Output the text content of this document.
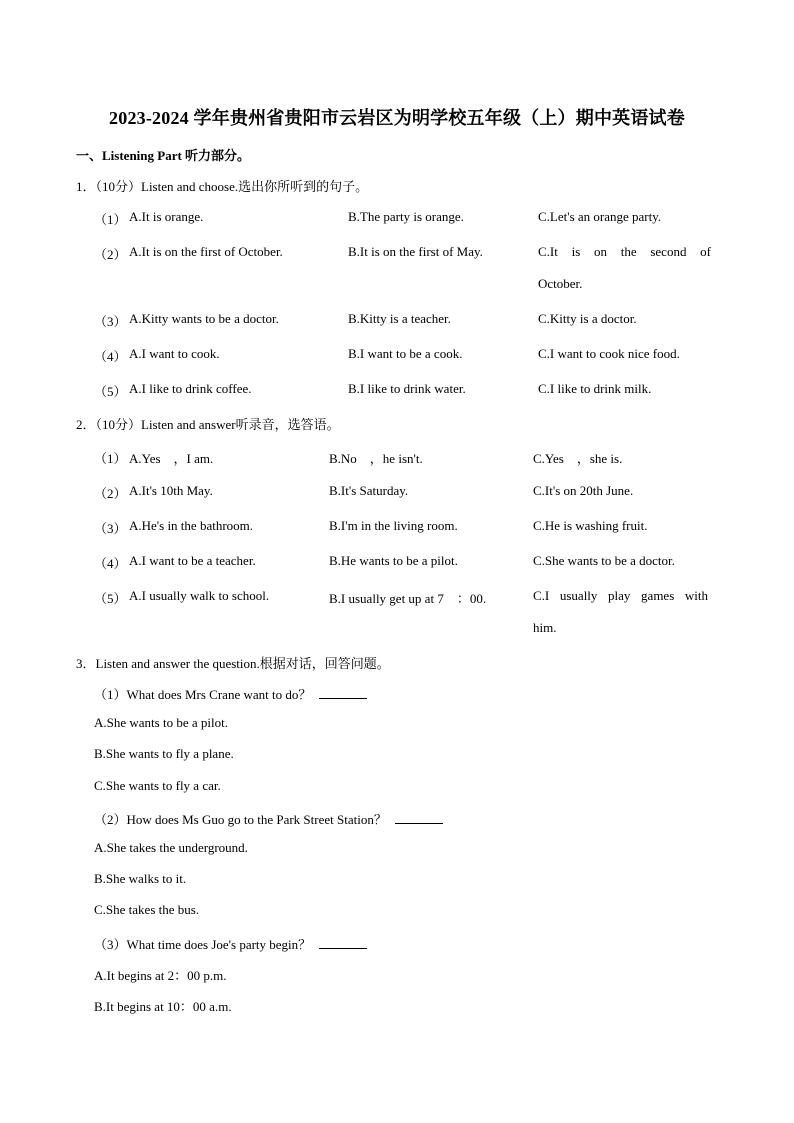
2023-2024 学年贵州省贵阳市云岩区为明学校五年级（上）期中英语试卷
一、Listening Part 听力部分。
1．（10分）Listen and choose.选出你所听到的句子。
（1） A.It is orange.	B.The party is orange.	C.Let's an orange party.
（2） A.It is on the first of October.	B.It is on the first of May.	C.It   is   on   the   second   of
October.
（3） A.Kitty wants to be a doctor.	B.Kitty is a teacher.	C.Kitty is a doctor.
（4） A.I want to cook.	B.I want to be a cook.	C.I want to cook nice food.
（5） A.I like to drink coffee.	B.I like to drink water.	C.I like to drink milk.
2．（10分）Listen and answer听录音，选答语。
（1） A.Yes　，I am.	B.No　，he isn't.	C.Yes　，she is.
（2） A.It's 10th May.	B.It's Saturday.	C.It's on 20th June.
（3） A.He's in the bathroom.	B.I'm in the living room.	C.He is washing fruit.
（4） A.I want to be a teacher.	B.He wants to be a pilot.	C.She wants to be a doctor.
（5） A.I usually walk to school.	B.I usually get up at 7　：00.	C.I   usually   play   games   with
him.
3．Listen and answer the question.根据对话，回答问题。
（1）What does Mrs Crane want to do？
A.She wants to be a pilot.
B.She wants to fly a plane.
C.She wants to fly a car.
（2）How does Ms Guo go to the Park Street Station？
A.She takes the underground.
B.She walks to it.
C.She takes the bus.
（3）What time does Joe's party begin？
A.It begins at 2：00 p.m.
B.It begins at 10：00 a.m.
